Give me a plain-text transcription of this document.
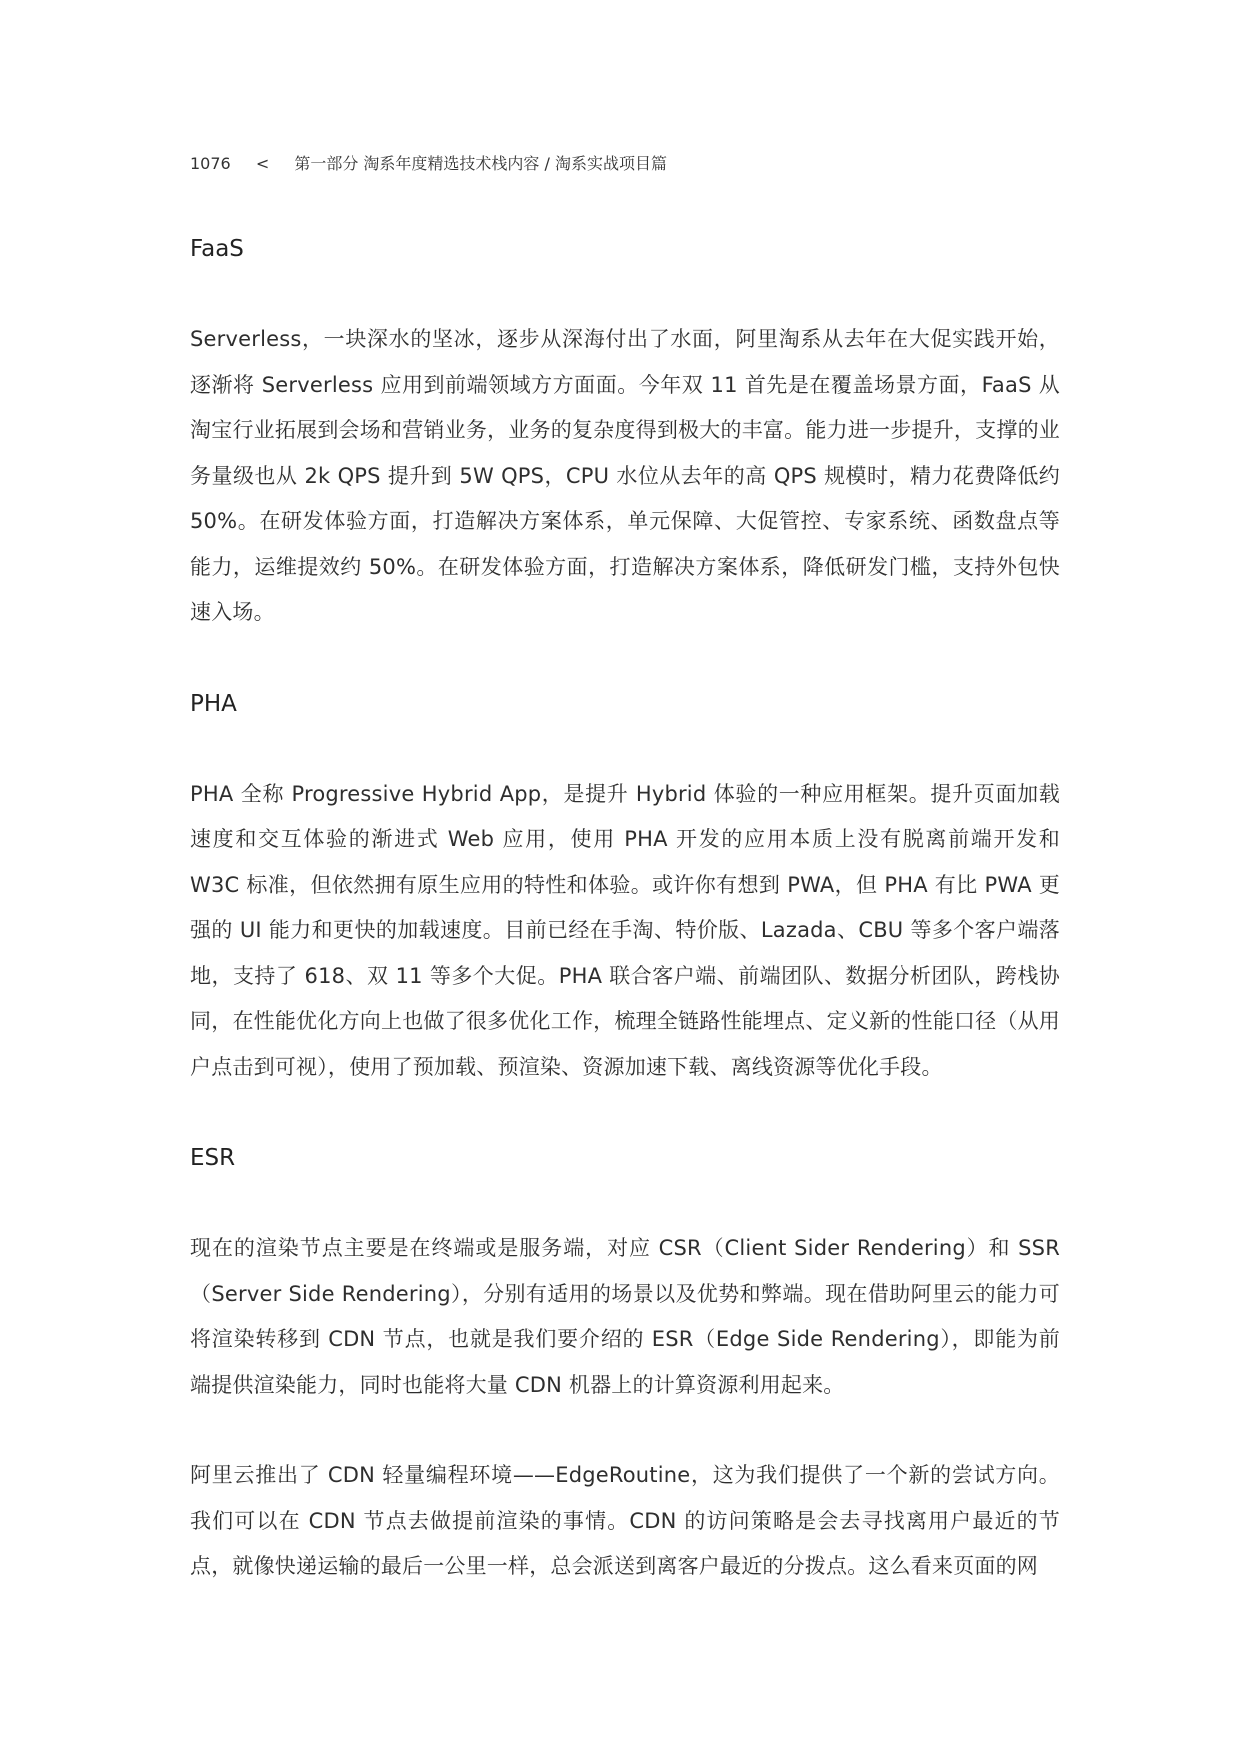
1076 < 第一部分 淘系年度精选技术栈内容 / 淘系实战项目篇
FaaS

Serverless，一块深水的坚冰，逐步从深海付出了水面，阿里淘系从去年在大促实践开始，逐渐将 Serverless 应用到前端领域方方面面。今年双 11 首先是在覆盖场景方面，FaaS 从淘宝行业拓展到会场和营销业务，业务的复杂度得到极大的丰富。能力进一步提升，支撑的业务量级也从 2k QPS 提升到 5W QPS，CPU 水位从去年的高 QPS 规模时，精力花费降低约 50%。在研发体验方面，打造解决方案体系，单元保障、大促管控、专家系统、函数盘点等能力，运维提效约 50%。在研发体验方面，打造解决方案体系，降低研发门槛，支持外包快速入场。

PHA

PHA 全称 Progressive Hybrid App，是提升 Hybrid 体验的一种应用框架。提升页面加载速度和交互体验的渐进式 Web 应用，使用 PHA 开发的应用本质上没有脱离前端开发和 W3C 标准，但依然拥有原生应用的特性和体验。或许你有想到 PWA，但 PHA 有比 PWA 更强的 UI 能力和更快的加载速度。目前已经在手淘、特价版、Lazada、CBU 等多个客户端落地，支持了 618、双 11 等多个大促。PHA 联合客户端、前端团队、数据分析团队，跨栈协同，在性能优化方向上也做了很多优化工作，梳理全链路性能埋点、定义新的性能口径（从用户点击到可视），使用了预加载、预渲染、资源加速下载、离线资源等优化手段。

ESR

现在的渲染节点主要是在终端或是服务端，对应 CSR（Client Sider Rendering）和 SSR（Server Side Rendering），分别有适用的场景以及优势和弊端。现在借助阿里云的能力可将渲染转移到 CDN 节点，也就是我们要介绍的 ESR（Edge Side Rendering），即能为前端提供渲染能力，同时也能将大量 CDN 机器上的计算资源利用起来。

阿里云推出了 CDN 轻量编程环境——EdgeRoutine，这为我们提供了一个新的尝试方向。我们可以在 CDN 节点去做提前渲染的事情。CDN 的访问策略是会去寻找离用户最近的节点，就像快递运输的最后一公里一样，总会派送到离客户最近的分拨点。这么看来页面的网
